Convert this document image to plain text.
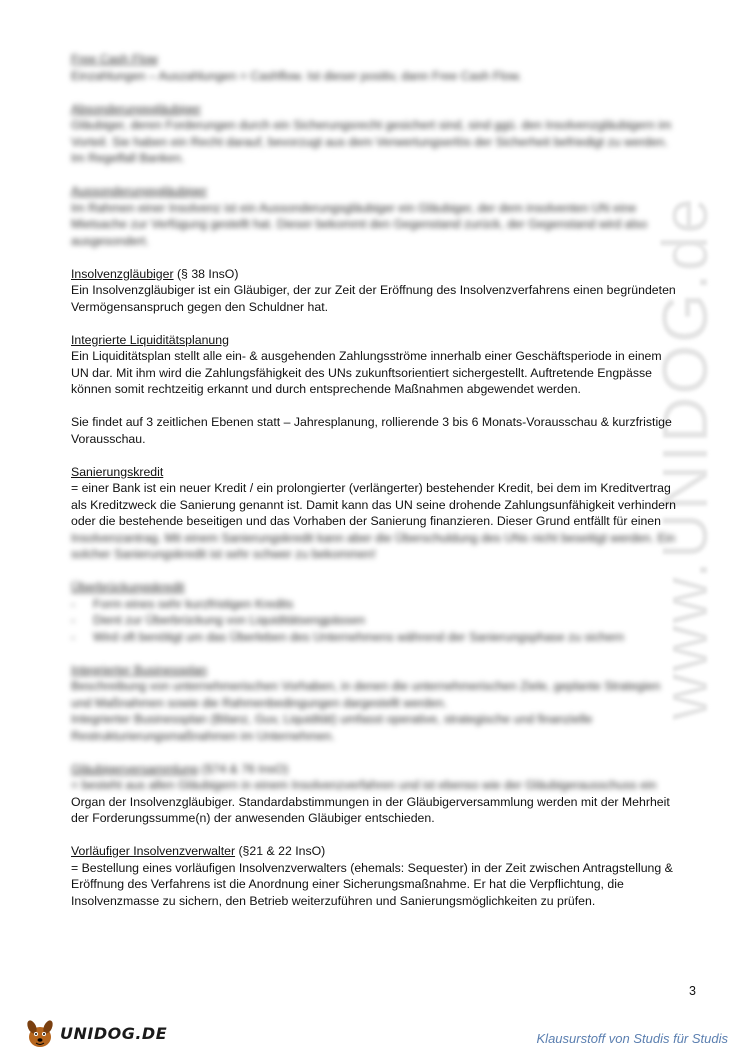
www.UNIDOG.de
Free Cash Flow
Einzahlungen – Auszahlungen = Cashflow. Ist dieser positiv, dann Free Cash Flow.
Absonderungsgläubiger
Gläubiger, deren Forderungen durch ein Sicherungsrecht gesichert sind, sind ggü. den Insolvenzgläubigern im
Vorteil. Sie haben ein Recht darauf, bevorzugt aus dem Verwertungserlös der Sicherheit befriedigt zu werden.
Im Regelfall Banken.
Aussonderungsgläubiger
Im Rahmen einer Insolvenz ist ein Aussonderungsgläubiger ein Gläubiger, der dem insolventen UN eine
Mietsache zur Verfügung gestellt hat. Dieser bekommt den Gegenstand zurück, der Gegenstand wird also
ausgesondert.
Insolvenzgläubiger (§ 38 InsO)
Ein Insolvenzgläubiger ist ein Gläubiger, der zur Zeit der Eröffnung des Insolvenzverfahrens einen begründeten
Vermögensanspruch gegen den Schuldner hat.
Integrierte Liquiditätsplanung
Ein Liquiditätsplan stellt alle ein- & ausgehenden Zahlungsströme innerhalb einer Geschäftsperiode in einem
UN dar. Mit ihm wird die Zahlungsfähigkeit des UNs zukunftsorientiert sichergestellt. Auftretende Engpässe
können somit rechtzeitig erkannt und durch entsprechende Maßnahmen abgewendet werden.
Sie findet auf 3 zeitlichen Ebenen statt – Jahresplanung, rollierende 3 bis 6 Monats-Vorausschau & kurzfristige
Vorausschau.
Sanierungskredit
= einer Bank ist ein neuer Kredit / ein prolongierter (verlängerter) bestehender Kredit, bei dem im Kreditvertrag
als Kreditzweck die Sanierung genannt ist. Damit kann das UN seine drohende Zahlungsunfähigkeit verhindern
oder die bestehende beseitigen und das Vorhaben der Sanierung finanzieren. Dieser Grund entfällt für einen
Insolvenzantrag. Mit einem Sanierungskredit kann aber die Überschuldung des UNs nicht beseitigt werden. Ein
solcher Sanierungskredit ist sehr schwer zu bekommen!
Überbrückungskredit
- Form eines sehr kurzfristigen Kredits
- Dient zur Überbrückung von Liquiditätsengpässen
- Wird oft benötigt um das Überleben des Unternehmens während der Sanierungsphase zu sichern
Integrierter Businessplan
Beschreibung von unternehmerischen Vorhaben, in denen die unternehmerischen Ziele, geplante Strategien
und Maßnahmen sowie die Rahmenbedingungen dargestellt werden.
Integrierter Businessplan (Bilanz, Guv, Liquidität) umfasst operative, strategische und finanzielle
Restrukturierungsmaßnahmen im Unternehmen.
Gläubigerversammlung (§74 & 76 InsO)
= besteht aus allen Gläubigern in einem Insolvenzverfahren und ist ebenso wie der Gläubigerausschuss ein
Organ der Insolvenzgläubiger. Standardabstimmungen in der Gläubigerversammlung werden mit der Mehrheit
der Forderungssumme(n) der anwesenden Gläubiger entschieden.
Vorläufiger Insolvenzverwalter (§21 & 22 InsO)
= Bestellung eines vorläufigen Insolvenzverwalters (ehemals: Sequester) in der Zeit zwischen Antragstellung &
Eröffnung des Verfahrens ist die Anordnung einer Sicherungsmaßnahme. Er hat die Verpflichtung, die
Insolvenzmasse zu sichern, den Betrieb weiterzuführen und Sanierungsmöglichkeiten zu prüfen.
3
UNIDOG.DE	Klausurstoff von Studis für Studis
